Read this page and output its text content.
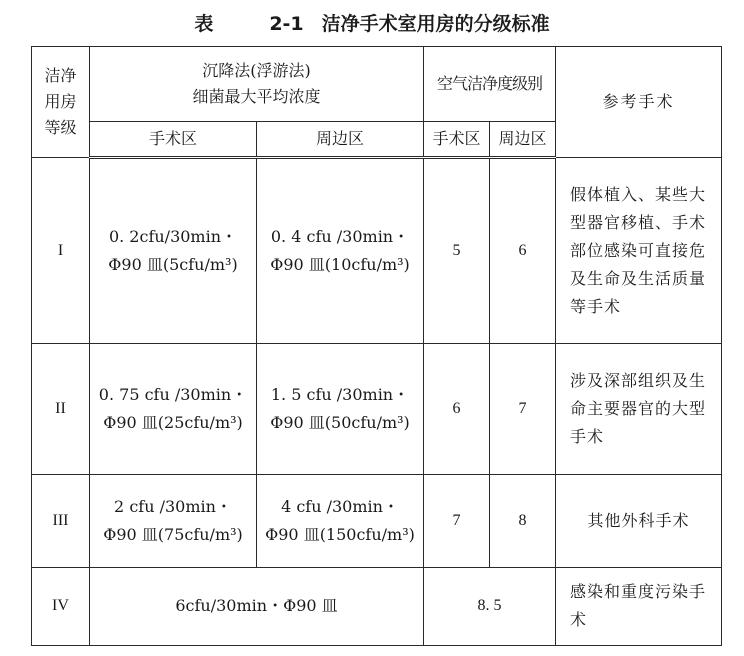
表	2-1 洁净手术室用房的分级标准
洁净
用房
等级	沉降法(浮游法)
细菌最大平均浓度		空气洁净度级别		参考手术
	手术区	周边区	手术区	周边区	
I	0. 2cfu/30min・
Φ90 皿(5cfu/m³)	0. 4 cfu /30min・
Φ90 皿(10cfu/m³)	5	6	假体植入、某些大型器官移植、手术部位感染可直接危及生命及生活质量等手术
II	0. 75 cfu /30min・
Φ90 皿(25cfu/m³)	1. 5 cfu /30min・
Φ90 皿(50cfu/m³)	6	7	涉及深部组织及生命主要器官的大型手术
III	2 cfu /30min・
Φ90 皿(75cfu/m³)	4 cfu /30min・
Φ90 皿(150cfu/m³)	7	8	其他外科手术
IV	6cfu/30min・Φ90 皿		8. 5		感染和重度污染手术
